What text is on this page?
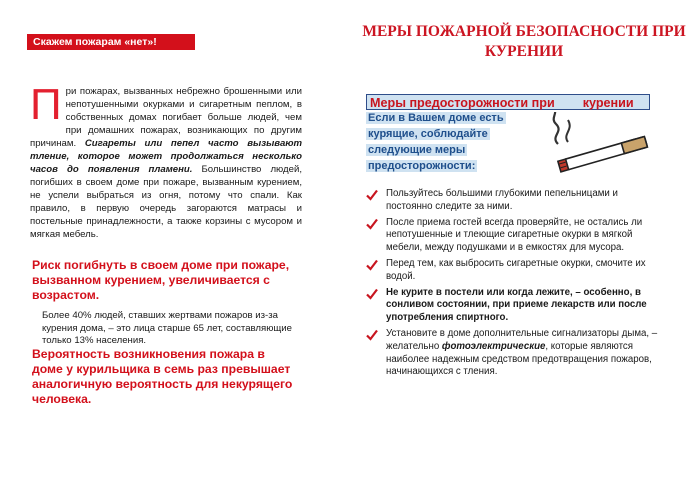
Скажем пожарам «нет»!
При пожарах, вызванных небрежно брошенными или непотушенными окурками и сигаретным пеплом, в собственных домах погибает больше людей, чем при домашних пожарах, возникающих по другим причинам. Сигареты или пепел часто вызывают тление, которое может продолжаться несколько часов до появления пламени. Большинство людей, погибших в своем доме при пожаре, вызванным курением, не успели выбраться из огня, потому что спали. Как правило, в первую очередь загораются матрасы и постельные принадлежности, а также корзины с мусором и мягкая мебель.
Риск погибнуть в своем доме при пожаре, вызванном курением, увеличивается с возрастом.
Более 40% людей, ставших жертвами пожаров из-за курения дома, – это лица старше 65 лет, составляющие только 13% населения.
Вероятность возникновения пожара в доме у курильщика в семь раз превышает аналогичную вероятность для некурящего человека.
МЕРЫ ПОЖАРНОЙ БЕЗОПАСНОСТИ ПРИ КУРЕНИИ
Меры предосторожности при курении
Если в Вашем доме есть
курящие, соблюдайте
следующие меры
предосторожности:
Пользуйтесь большими глубокими пепельницами и постоянно следите за ними.
После приема гостей всегда проверяйте, не остались ли непотушенные и тлеющие сигаретные окурки в мягкой мебели, между подушками и в емкостях для мусора.
Перед тем, как выбросить сигаретные окурки, смочите их водой.
Не курите в постели или когда лежите, – особенно, в сонливом состоянии, при приеме лекарств или после употребления спиртного.
Установите в доме дополнительные сигнализаторы дыма, – желательно фотоэлектрические, которые являются наиболее надежным средством предотвращения пожаров, начинающихся с тления.
